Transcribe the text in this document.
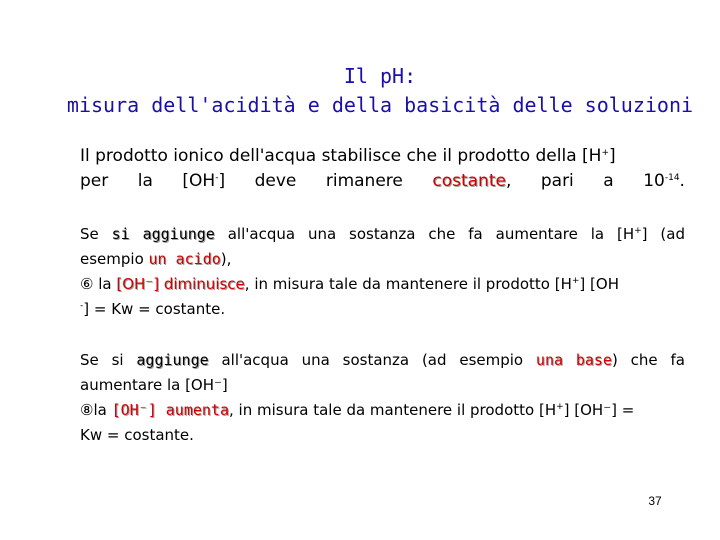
Il pH:
misura dell'acidità e della basicità delle soluzioni
Il prodotto ionico dell'acqua stabilisce che il prodotto della [H+]
per la [OH-] deve rimanere costante, pari a $10^{-14}$.
Se si aggiunge all'acqua una sostanza che fa aumentare la [H+] (ad
esempio un acido),
⑥ la [OH⁻] diminuisce, in misura tale da mantenere il prodotto [H+] [OH
-] = Kw = costante.
Se si aggiunge all'acqua una sostanza (ad esempio una base) che fa
aumentare la [OH⁻]
⑧la [OH⁻] aumenta, in misura tale da mantenere il prodotto [H+] [OH⁻] =
Kw = costante.
37
